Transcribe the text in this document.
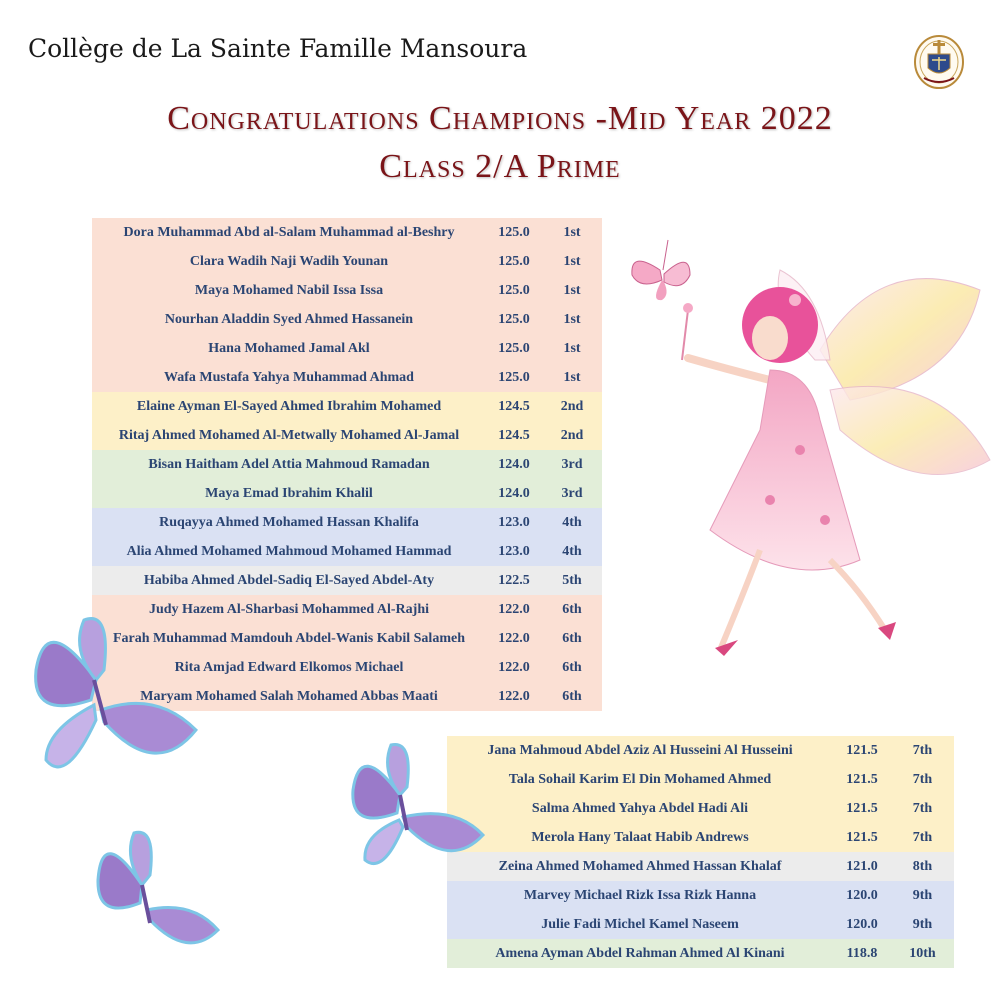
Collège de La Sainte Famille Mansoura
Congratulations Champions -Mid Year 2022
Class 2/A Prime
Dora Muhammad Abd al-Salam Muhammad al-Beshry	125.0	1st
Clara Wadih Naji Wadih Younan	125.0	1st
Maya Mohamed Nabil Issa Issa	125.0	1st
Nourhan Aladdin Syed Ahmed Hassanein	125.0	1st
Hana Mohamed Jamal Akl	125.0	1st
Wafa Mustafa Yahya Muhammad Ahmad	125.0	1st
Elaine Ayman El-Sayed Ahmed Ibrahim Mohamed	124.5	2nd
Ritaj Ahmed Mohamed Al-Metwally Mohamed Al-Jamal	124.5	2nd
Bisan Haitham Adel Attia Mahmoud Ramadan	124.0	3rd
Maya Emad Ibrahim Khalil	124.0	3rd
Ruqayya Ahmed Mohamed Hassan Khalifa	123.0	4th
Alia Ahmed Mohamed Mahmoud Mohamed Hammad	123.0	4th
Habiba Ahmed Abdel-Sadiq El-Sayed Abdel-Aty	122.5	5th
Judy Hazem Al-Sharbasi Mohammed Al-Rajhi	122.0	6th
Farah Muhammad Mamdouh Abdel-Wanis Kabil Salameh	122.0	6th
Rita Amjad Edward Elkomos Michael	122.0	6th
Maryam Mohamed Salah Mohamed Abbas Maati	122.0	6th
Jana Mahmoud Abdel Aziz Al Husseini Al Husseini	121.5	7th
Tala Sohail Karim El Din Mohamed Ahmed	121.5	7th
Salma Ahmed Yahya Abdel Hadi Ali	121.5	7th
Merola Hany Talaat Habib Andrews	121.5	7th
Zeina Ahmed Mohamed Ahmed Hassan Khalaf	121.0	8th
Marvey Michael Rizk Issa Rizk Hanna	120.0	9th
Julie Fadi Michel Kamel Naseem	120.0	9th
Amena Ayman Abdel Rahman Ahmed Al Kinani	118.8	10th
